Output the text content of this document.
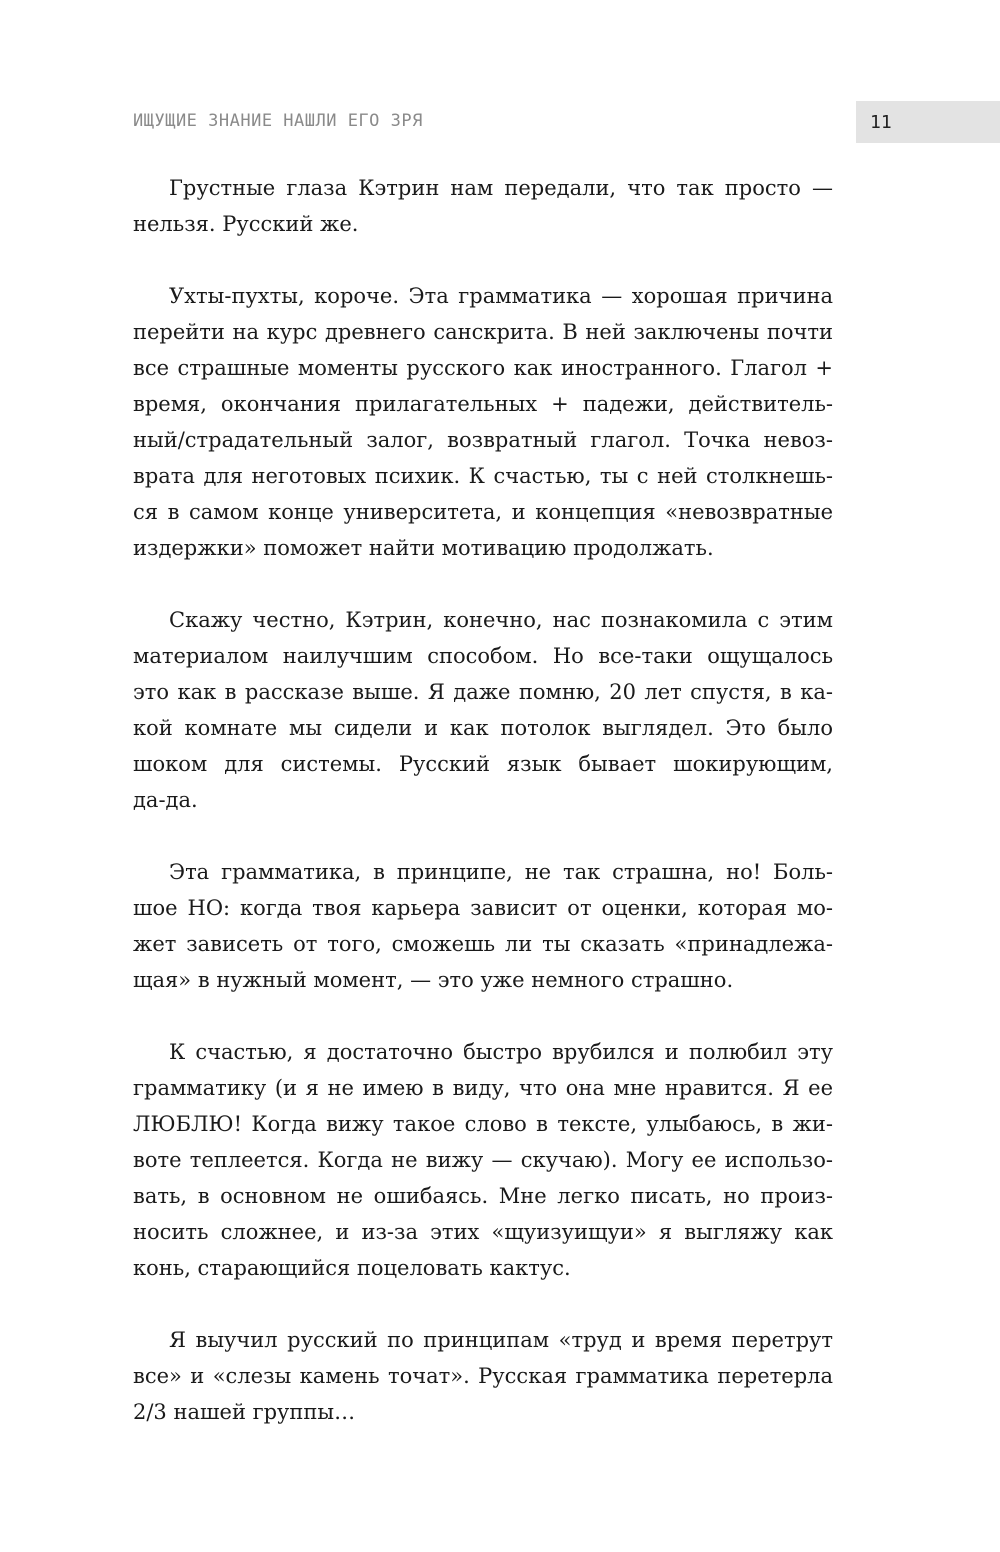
ИЩУЩИЕ ЗНАНИЕ НАШЛИ ЕГО ЗРЯ	11
Грустные глаза Кэтрин нам передали, что так просто —
нельзя. Русский же.
Ухты-пухты, короче. Эта грамматика — хорошая причина
перейти на курс древнего санскрита. В ней заключены почти
все страшные моменты русского как иностранного. Глагол +
время, окончания прилагательных + падежи, действитель-
ный/страдательный залог, возвратный глагол. Точка невоз-
врата для неготовых психик. К счастью, ты с ней столкнешь-
ся в самом конце университета, и концепция «невозвратные
издержки» поможет найти мотивацию продолжать.
Скажу честно, Кэтрин, конечно, нас познакомила с этим
материалом наилучшим способом. Но все-таки ощущалось
это как в рассказе выше. Я даже помню, 20 лет спустя, в ка-
кой комнате мы сидели и как потолок выглядел. Это было
шоком для системы. Русский язык бывает шокирующим,
да-да.
Эта грамматика, в принципе, не так страшна, но! Боль-
шое НО: когда твоя карьера зависит от оценки, которая мо-
жет зависеть от того, сможешь ли ты сказать «принадлежа-
щая» в нужный момент, — это уже немного страшно.
К счастью, я достаточно быстро врубился и полюбил эту
грамматику (и я не имею в виду, что она мне нравится. Я ее
ЛЮБЛЮ! Когда вижу такое слово в тексте, улыбаюсь, в жи-
воте теплеется. Когда не вижу — скучаю). Могу ее использо-
вать, в основном не ошибаясь. Мне легко писать, но произ-
носить сложнее, и из-за этих «щуизуищуи» я выгляжу как
конь, старающийся поцеловать кактус.
Я выучил русский по принципам «труд и время перетрут
все» и «слезы камень точат». Русская грамматика перетерла
2/3 нашей группы…
